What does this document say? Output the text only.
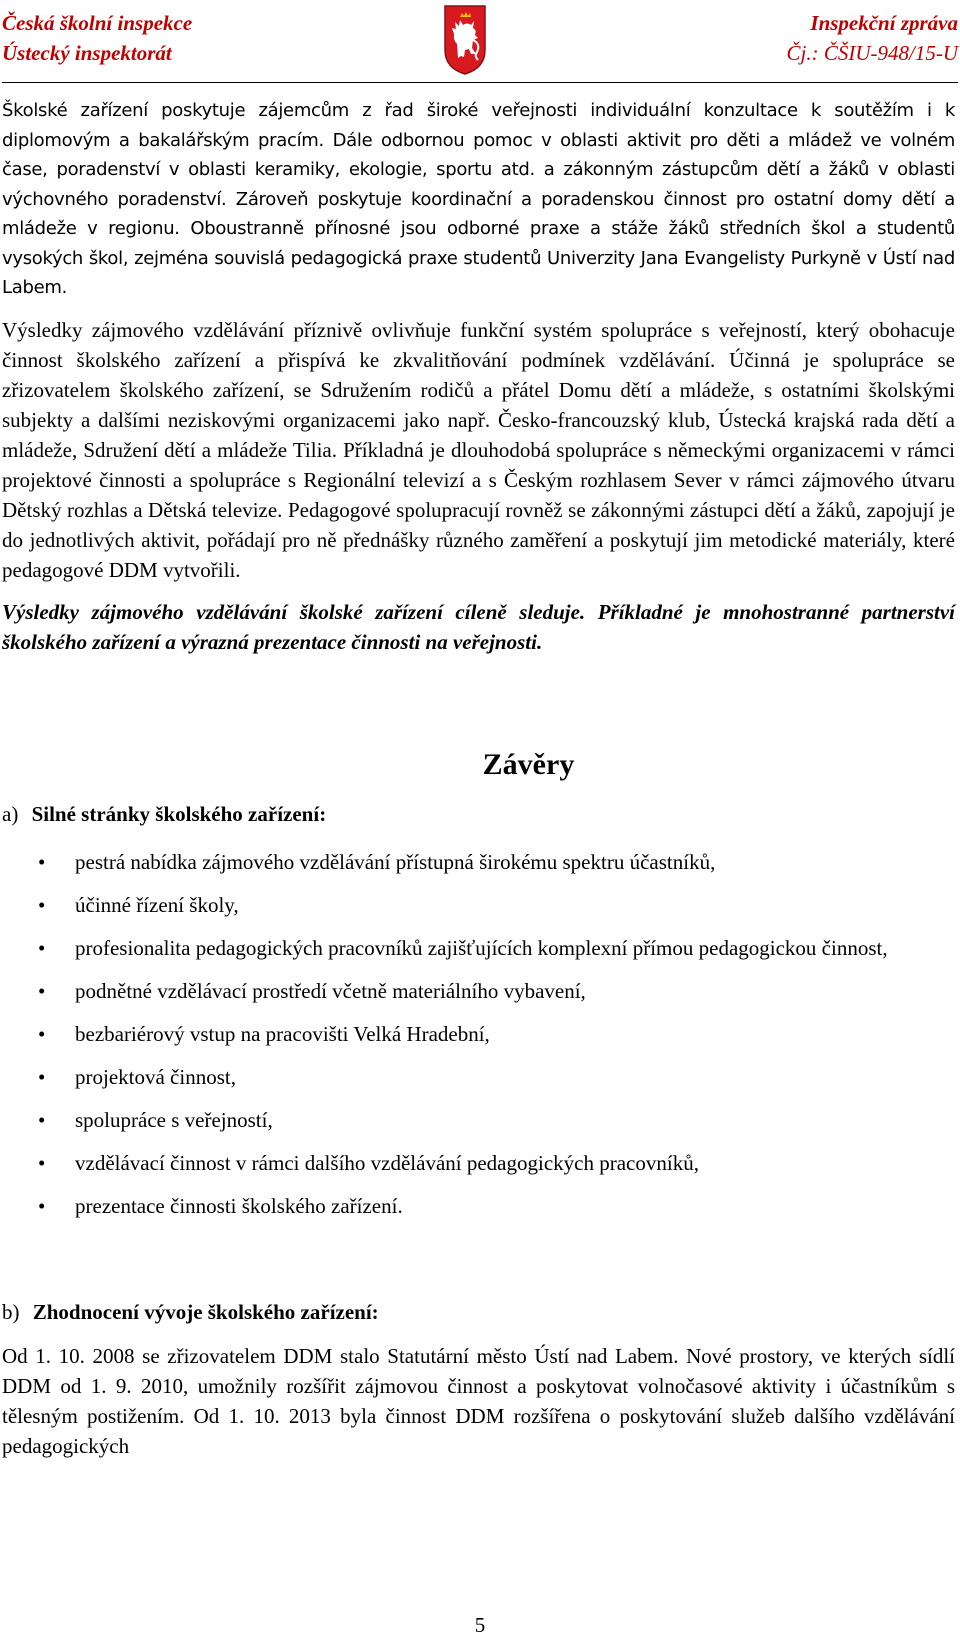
Česká školní inspekce
Ústecký inspektorát
Inspekční zpráva
Čj.: ČŠIU-948/15-U

Školské zařízení poskytuje zájemcům z řad široké veřejnosti individuální konzultace k soutěžím i k diplomovým a bakalářským pracím. Dále odbornou pomoc v oblasti aktivit pro děti a mládež ve volném čase, poradenství v oblasti keramiky, ekologie, sportu atd. a zákonným zástupcům dětí a žáků v oblasti výchovného poradenství. Zároveň poskytuje koordinační a poradenskou činnost pro ostatní domy dětí a mládeže v regionu. Oboustranně přínosné jsou odborné praxe a stáže žáků středních škol a studentů vysokých škol, zejména souvislá pedagogická praxe studentů Univerzity Jana Evangelisty Purkyně v Ústí nad Labem.

Výsledky zájmového vzdělávání příznivě ovlivňuje funkční systém spolupráce s veřejností, který obohacuje činnost školského zařízení a přispívá ke zkvalitňování podmínek vzdělávání. Účinná je spolupráce se zřizovatelem školského zařízení, se Sdružením rodičů a přátel Domu dětí a mládeže, s ostatními školskými subjekty a dalšími neziskovými organizacemi jako např. Česko-francouzský klub, Ústecká krajská rada dětí a mládeže, Sdružení dětí a mládeže Tilia. Příkladná je dlouhodobá spolupráce s německými organizacemi v rámci projektové činnosti a spolupráce s Regionální televizí a s Českým rozhlasem Sever v rámci zájmového útvaru Dětský rozhlas a Dětská televize. Pedagogové spolupracují rovněž se zákonnými zástupci dětí a žáků, zapojují je do jednotlivých aktivit, pořádají pro ně přednášky různého zaměření a poskytují jim metodické materiály, které pedagogové DDM vytvořili.

Výsledky zájmového vzdělávání školské zařízení cíleně sleduje. Příkladné je mnohostranné partnerství školského zařízení a výrazná prezentace činnosti na veřejnosti.

Závěry
a) Silné stránky školského zařízení:
• pestrá nabídka zájmového vzdělávání přístupná širokému spektru účastníků,
• účinné řízení školy,
• profesionalita pedagogických pracovníků zajišťujících komplexní přímou pedagogickou činnost,
• podnětné vzdělávací prostředí včetně materiálního vybavení,
• bezbariérový vstup na pracovišti Velká Hradební,
• projektová činnost,
• spolupráce s veřejností,
• vzdělávací činnost v rámci dalšího vzdělávání pedagogických pracovníků,
• prezentace činnosti školského zařízení.
b) Zhodnocení vývoje školského zařízení:

Od 1. 10. 2008 se zřizovatelem DDM stalo Statutární město Ústí nad Labem. Nové prostory, ve kterých sídlí DDM od 1. 9. 2010, umožnily rozšířit zájmovou činnost a poskytovat volnočasové aktivity i účastníkům s tělesným postižením. Od 1. 10. 2013 byla činnost DDM rozšířena o poskytování služeb dalšího vzdělávání pedagogických

5
